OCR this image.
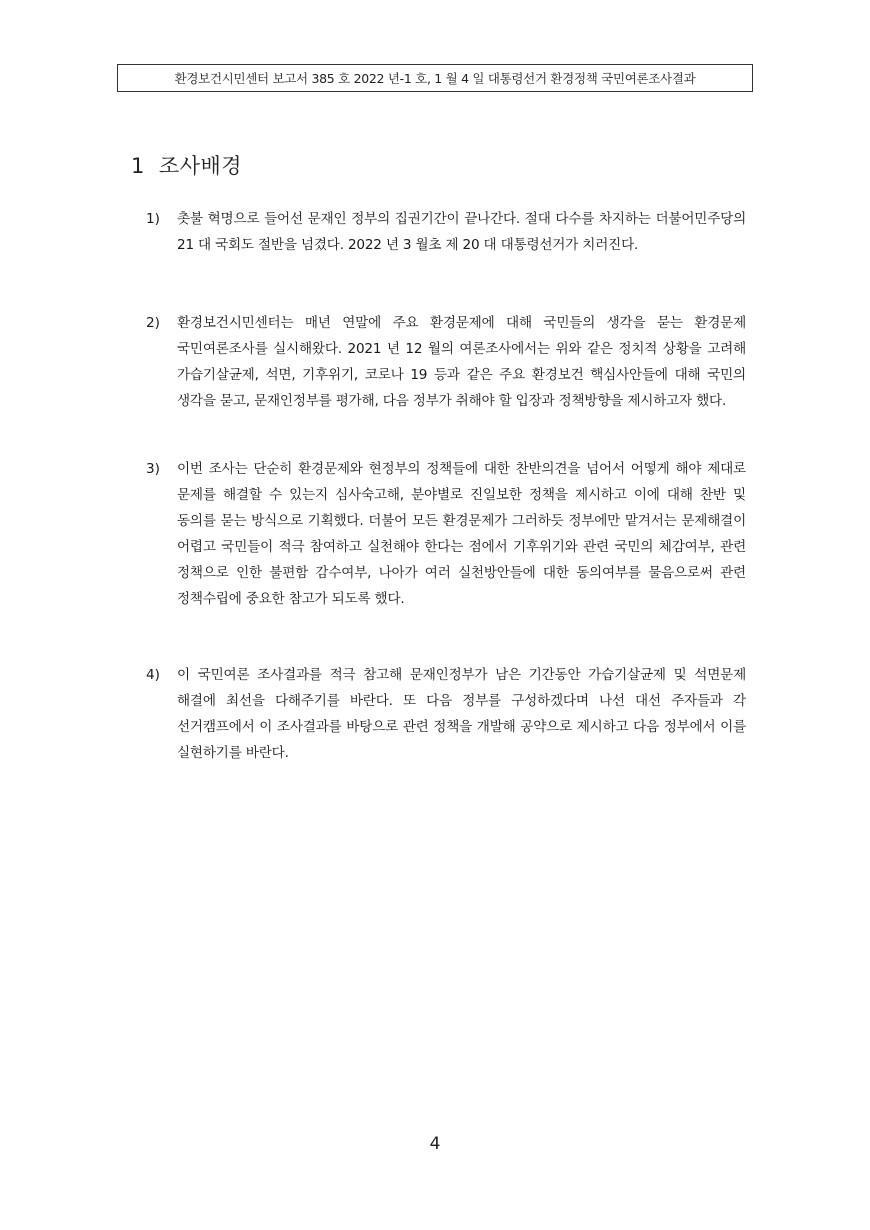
환경보건시민센터 보고서 385 호 2022 년-1 호, 1 월 4 일 대통령선거 환경정책 국민여론조사결과
1 조사배경
1) 촛불 혁명으로 들어선 문재인 정부의 집권기간이 끝나간다. 절대 다수를 차지하는 더불어민주당의 21 대 국회도 절반을 넘겼다. 2022 년 3 월초 제 20 대 대통령선거가 치러진다.
2) 환경보건시민센터는 매년 연말에 주요 환경문제에 대해 국민들의 생각을 묻는 환경문제 국민여론조사를 실시해왔다. 2021 년 12 월의 여론조사에서는 위와 같은 정치적 상황을 고려해 가습기살균제, 석면, 기후위기, 코로나 19 등과 같은 주요 환경보건 핵심사안들에 대해 국민의 생각을 묻고, 문재인정부를 평가해, 다음 정부가 취해야 할 입장과 정책방향을 제시하고자 했다.
3) 이번 조사는 단순히 환경문제와 현정부의 정책들에 대한 찬반의견을 넘어서 어떻게 해야 제대로 문제를 해결할 수 있는지 심사숙고해, 분야별로 진일보한 정책을 제시하고 이에 대해 찬반 및 동의를 묻는 방식으로 기획했다. 더불어 모든 환경문제가 그러하듯 정부에만 맡겨서는 문제해결이 어렵고 국민들이 적극 참여하고 실천해야 한다는 점에서 기후위기와 관련 국민의 체감여부, 관련 정책으로 인한 불편함 감수여부, 나아가 여러 실천방안들에 대한 동의여부를 물음으로써 관련 정책수립에 중요한 참고가 되도록 했다.
4) 이 국민여론 조사결과를 적극 참고해 문재인정부가 남은 기간동안 가습기살균제 및 석면문제 해결에 최선을 다해주기를 바란다. 또 다음 정부를 구성하겠다며 나선 대선 주자들과 각 선거캠프에서 이 조사결과를 바탕으로 관련 정책을 개발해 공약으로 제시하고 다음 정부에서 이를 실현하기를 바란다.
4
